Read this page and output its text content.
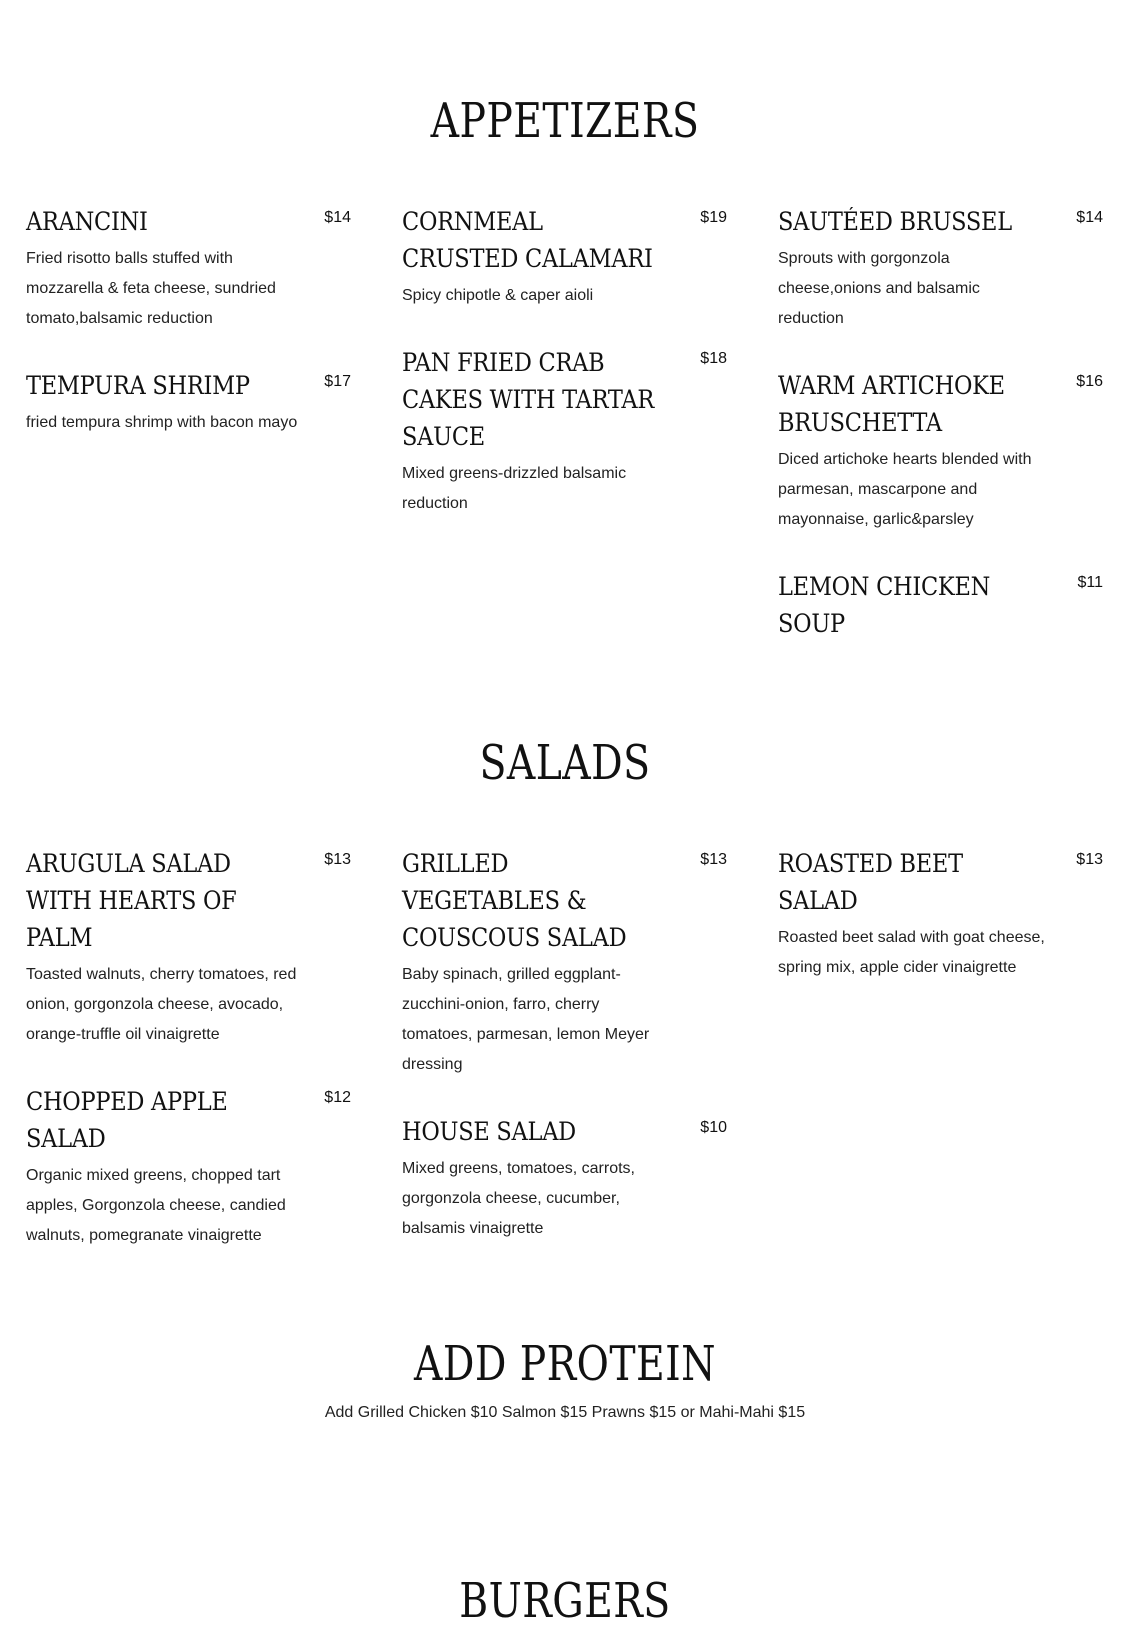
APPETIZERS
ARANCINI	$14
Fried risotto balls stuffed with mozzarella & feta cheese, sundried tomato,balsamic reduction
TEMPURA SHRIMP	$17
fried tempura shrimp with bacon mayo
CORNMEAL CRUSTED CALAMARI
$19
Spicy chipotle & caper aioli
PAN FRIED CRAB CAKES WITH TARTAR SAUCE
$18
Mixed greens-drizzled balsamic reduction
SAUTÉED BRUSSEL	$14
Sprouts with gorgonzola cheese,onions and balsamic reduction
WARM ARTICHOKE BRUSCHETTA
$16
Diced artichoke hearts blended with parmesan, mascarpone and mayonnaise, garlic&parsley
LEMON CHICKEN SOUP
$11
SALADS
ARUGULA SALAD WITH HEARTS OF PALM
$13
Toasted walnuts, cherry tomatoes, red onion, gorgonzola cheese, avocado, orange-truffle oil vinaigrette
CHOPPED APPLE SALAD
$12
Organic mixed greens, chopped tart apples, Gorgonzola cheese, candied walnuts, pomegranate vinaigrette
GRILLED VEGETABLES & COUSCOUS SALAD
$13
Baby spinach, grilled eggplant-zucchini-onion, farro, cherry tomatoes, parmesan, lemon Meyer dressing
HOUSE SALAD	$10
Mixed greens, tomatoes, carrots, gorgonzola cheese, cucumber, balsamis vinaigrette
ROASTED BEET SALAD
$13
Roasted beet salad with goat cheese, spring mix, apple cider vinaigrette
ADD PROTEIN
Add Grilled Chicken $10 Salmon $15 Prawns $15 or Mahi-Mahi $15
BURGERS
